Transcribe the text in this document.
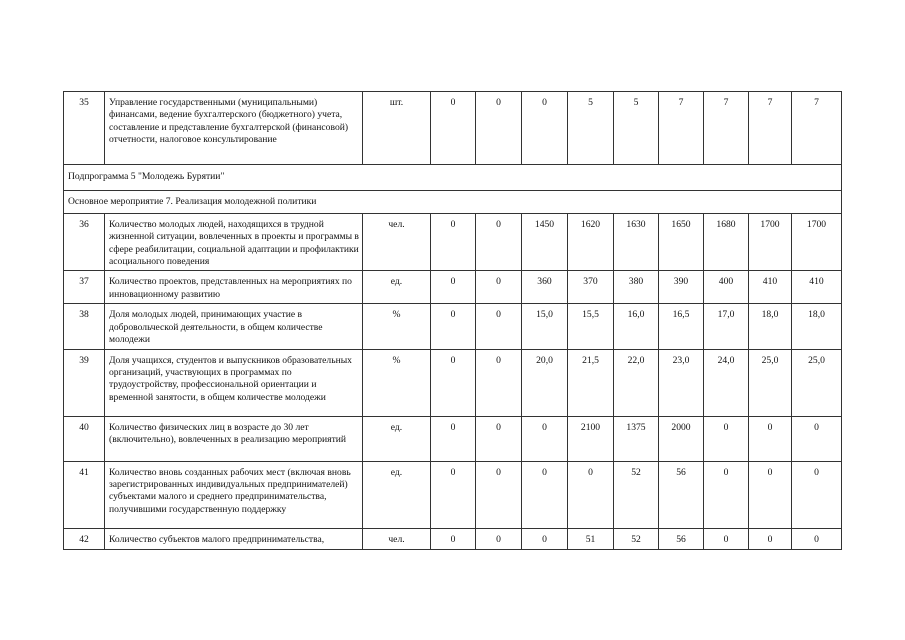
35	Управление государственными (муниципальными) финансами, ведение бухгалтерского (бюджетного) учета, составление и представление бухгалтерской (финансовой) отчетности, налоговое консультирование	шт.	0	0	0	5	5	7	7	7	7
Подпрограмма 5 "Молодежь Бурятии"											
Основное мероприятие 7. Реализация молодежной политики											
36	Количество молодых людей, находящихся в трудной жизненной ситуации, вовлеченных в проекты и программы в сфере реабилитации, социальной адаптации и профилактики асоциального поведения	чел.	0	0	1450	1620	1630	1650	1680	1700	1700
37	Количество проектов, представленных на мероприятиях по инновационному развитию	ед.	0	0	360	370	380	390	400	410	410
38	Доля молодых людей, принимающих участие в добровольческой деятельности, в общем количестве молодежи	%	0	0	15,0	15,5	16,0	16,5	17,0	18,0	18,0
39	Доля учащихся, студентов и выпускников образовательных организаций, участвующих в программах по трудоустройству, профессиональной ориентации и временной занятости, в общем количестве молодежи	%	0	0	20,0	21,5	22,0	23,0	24,0	25,0	25,0
40	Количество физических лиц в возрасте до 30 лет (включительно), вовлеченных в реализацию мероприятий	ед.	0	0	0	2100	1375	2000	0	0	0
41	Количество вновь созданных рабочих мест (включая вновь зарегистрированных индивидуальных предпринимателей) субъектами малого и среднего предпринимательства, получившими государственную поддержку	ед.	0	0	0	0	52	56	0	0	0
42	Количество субъектов малого предпринимательства,	чел.	0	0	0	51	52	56	0	0	0
